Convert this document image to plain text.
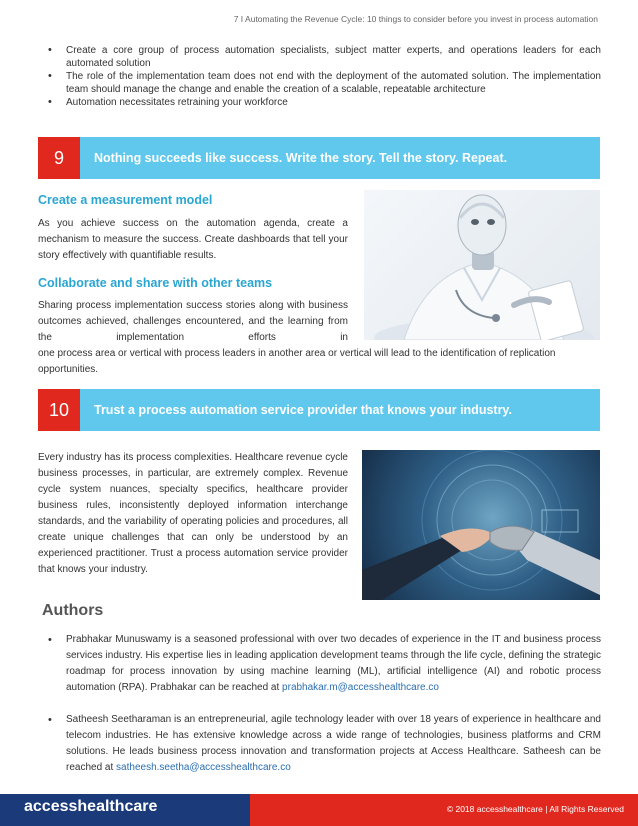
7 I Automating the Revenue Cycle: 10 things to consider before you invest in process automation
• Create a core group of process automation specialists, subject matter experts, and operations leaders for each automated solution
• The role of the implementation team does not end with the deployment of the automated solution. The implementation team should manage the change and enable the creation of a scalable, repeatable architecture
• Automation necessitates retraining your workforce
9	Nothing succeeds like success. Write the story. Tell the story. Repeat.
Create a measurement model

As you achieve success on the automation agenda, create a mechanism to measure the success. Create dashboards that tell your story effectively with quantifiable results.

Collaborate and share with other teams

Sharing process implementation success stories along with business outcomes achieved, challenges encountered, and the learning from the implementation efforts in

one process area or vertical with process leaders in another area or vertical will lead to the identification of replication opportunities.

10	Trust a process automation service provider that knows your industry.

Every industry has its process complexities. Healthcare revenue cycle business processes, in particular, are extremely complex. Revenue cycle system nuances, specialty specifics, healthcare provider business rules, inconsistently deployed information interchange standards, and the variability of operating policies and procedures, all create unique challenges that can only be understood by an experienced practitioner. Trust a process automation service provider that knows your industry.

Authors
• Prabhakar Munuswamy is a seasoned professional with over two decades of experience in the IT and business process services industry. His expertise lies in leading application development teams through the life cycle, defining the strategic roadmap for process innovation by using machine learning (ML), artificial intelligence (AI) and robotic process automation (RPA). Prabhakar can be reached at prabhakar.m@accesshealthcare.co
• Satheesh Seetharaman is an entrepreneurial, agile technology leader with over 18 years of experience in healthcare and telecom industries. He has extensive knowledge across a wide range of technologies, business platforms and CRM solutions. He leads business process innovation and transformation projects at Access Healthcare. Satheesh can be reached at satheesh.seetha@accesshealthcare.co
accesshealthcare	© 2018 accesshealthcare | All Rights Reserved
